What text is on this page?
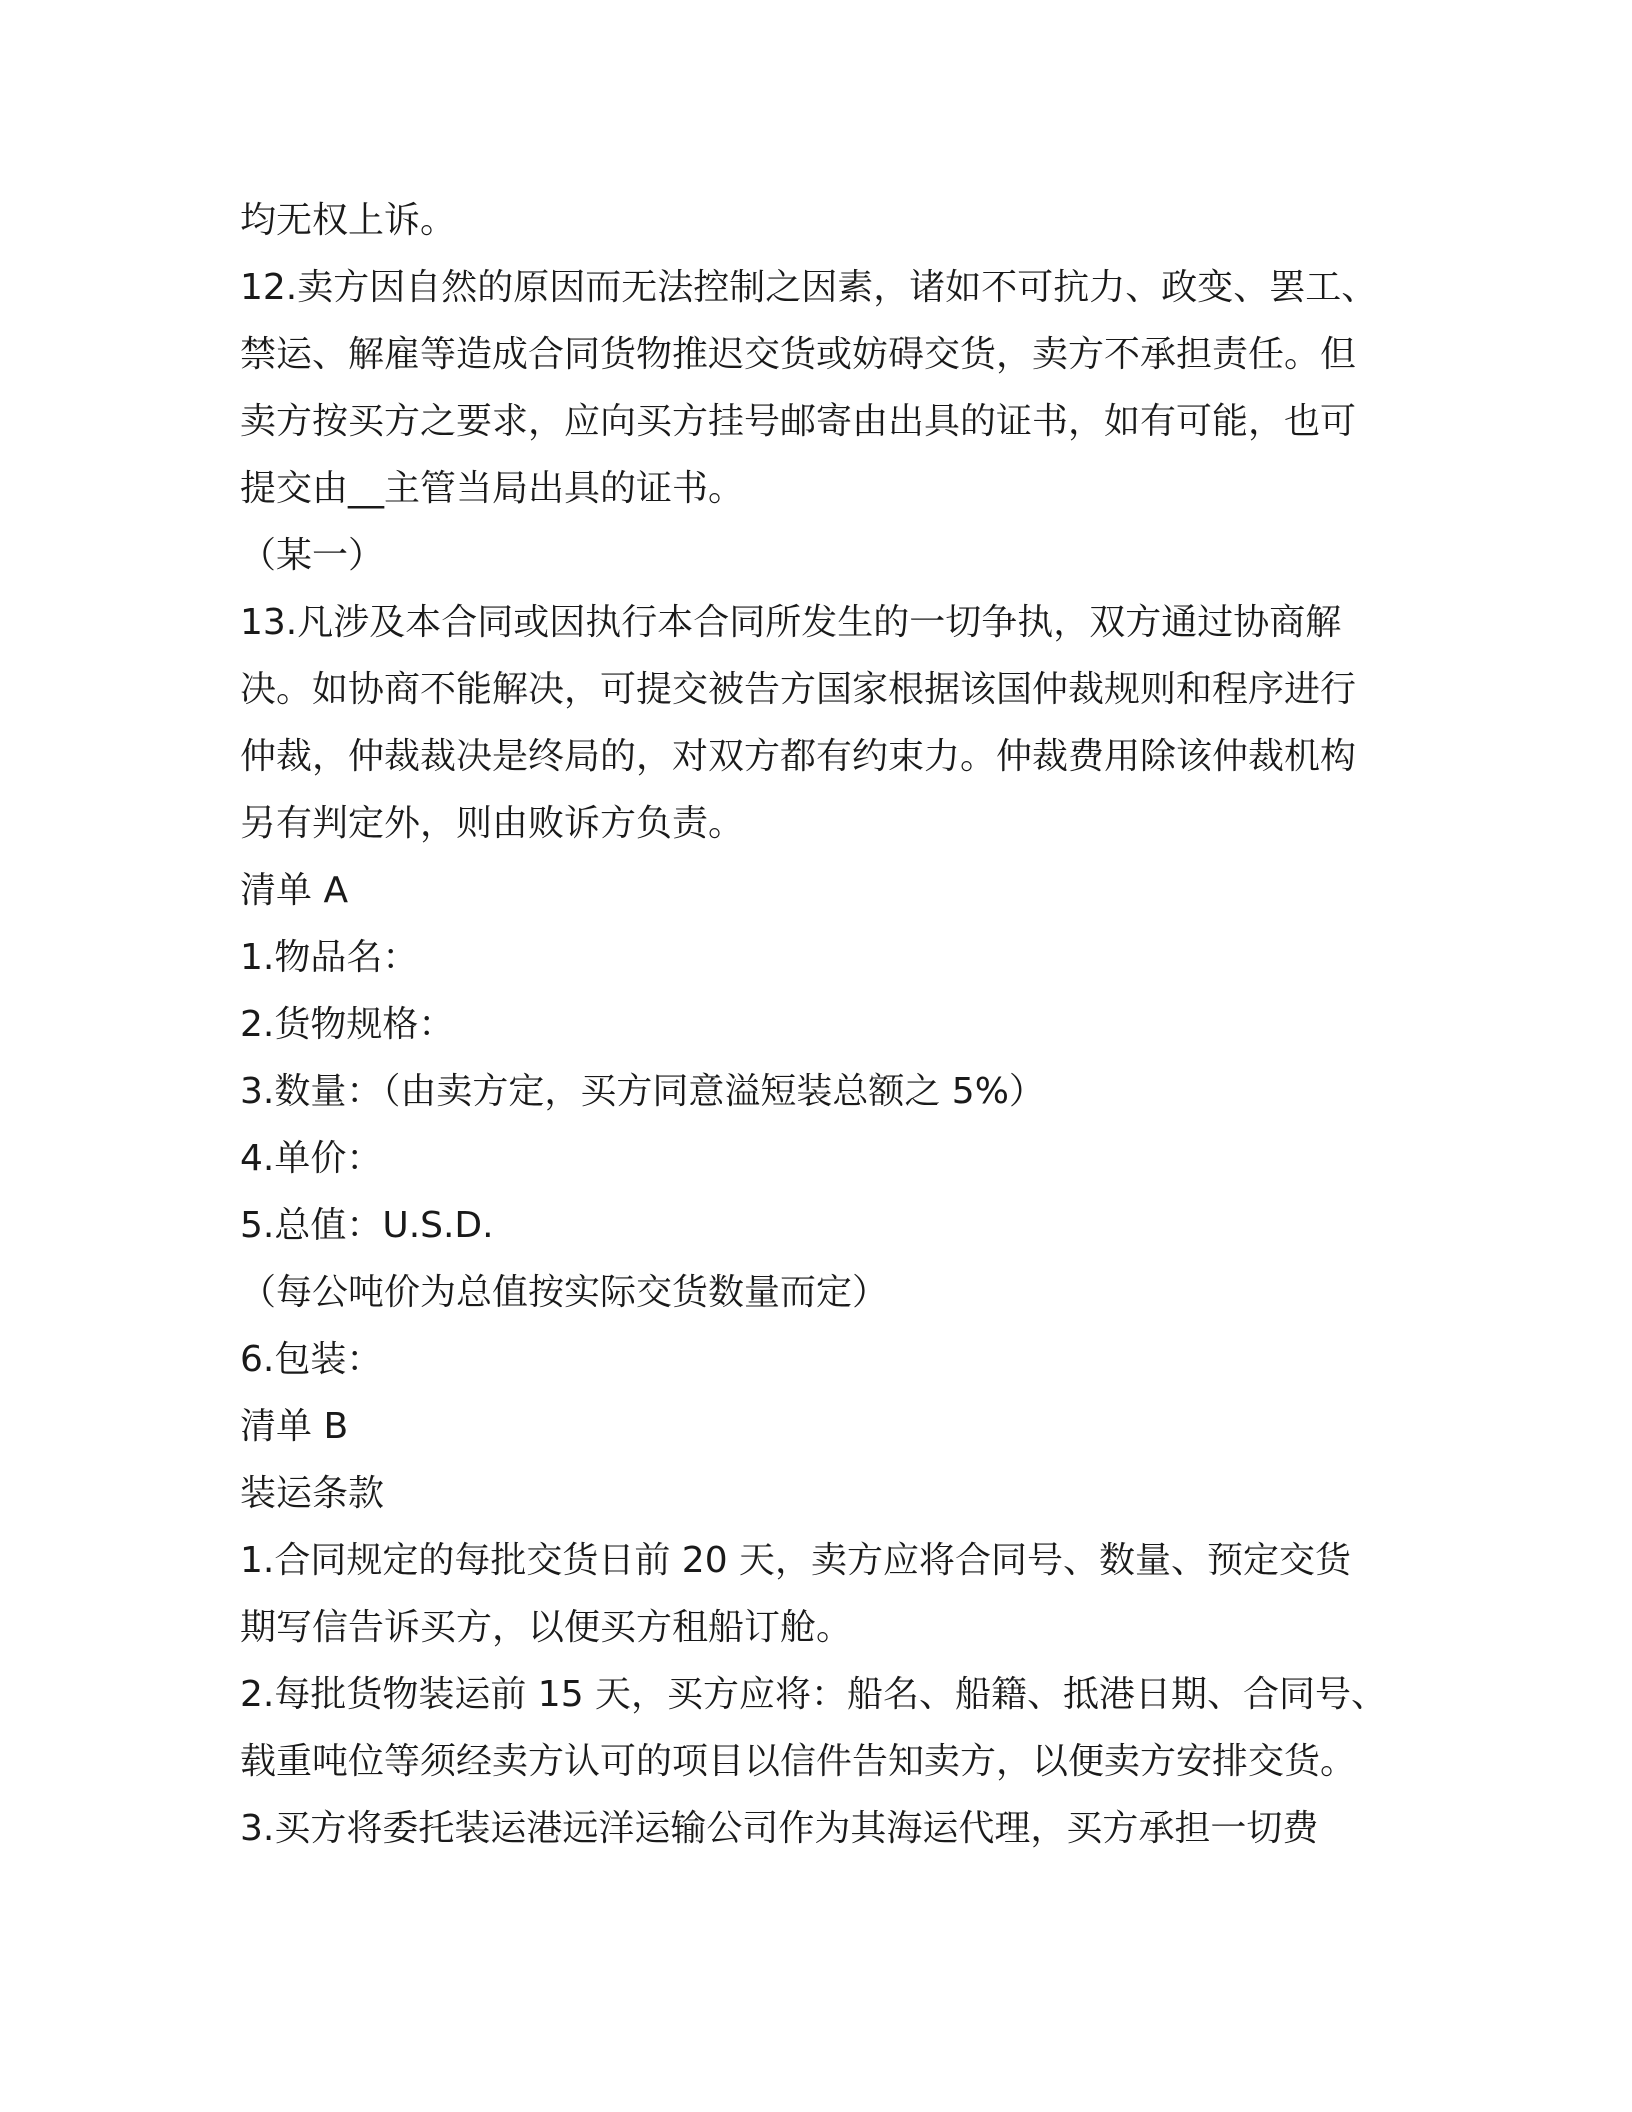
均无权上诉。

12.卖方因自然的原因而无法控制之因素，诸如不可抗力、政变、罢工、

禁运、解雇等造成合同货物推迟交货或妨碍交货，卖方不承担责任。但

卖方按买方之要求，应向买方挂号邮寄由出具的证书，如有可能，也可

提交由__主管当局出具的证书。

（某一）

13.凡涉及本合同或因执行本合同所发生的一切争执，双方通过协商解

决。如协商不能解决，可提交被告方国家根据该国仲裁规则和程序进行

仲裁，仲裁裁决是终局的，对双方都有约束力。仲裁费用除该仲裁机构

另有判定外，则由败诉方负责。

清单 A

1.物品名：

2.货物规格：

3.数量：（由卖方定，买方同意溢短装总额之 5%）

4.单价：

5.总值：U.S.D.

（每公吨价为总值按实际交货数量而定）

6.包装：

清单 B

装运条款

1.合同规定的每批交货日前 20 天，卖方应将合同号、数量、预定交货

期写信告诉买方，以便买方租船订舱。

2.每批货物装运前 15 天，买方应将：船名、船籍、抵港日期、合同号、

载重吨位等须经卖方认可的项目以信件告知卖方，以便卖方安排交货。

3.买方将委托装运港远洋运输公司作为其海运代理，买方承担一切费
